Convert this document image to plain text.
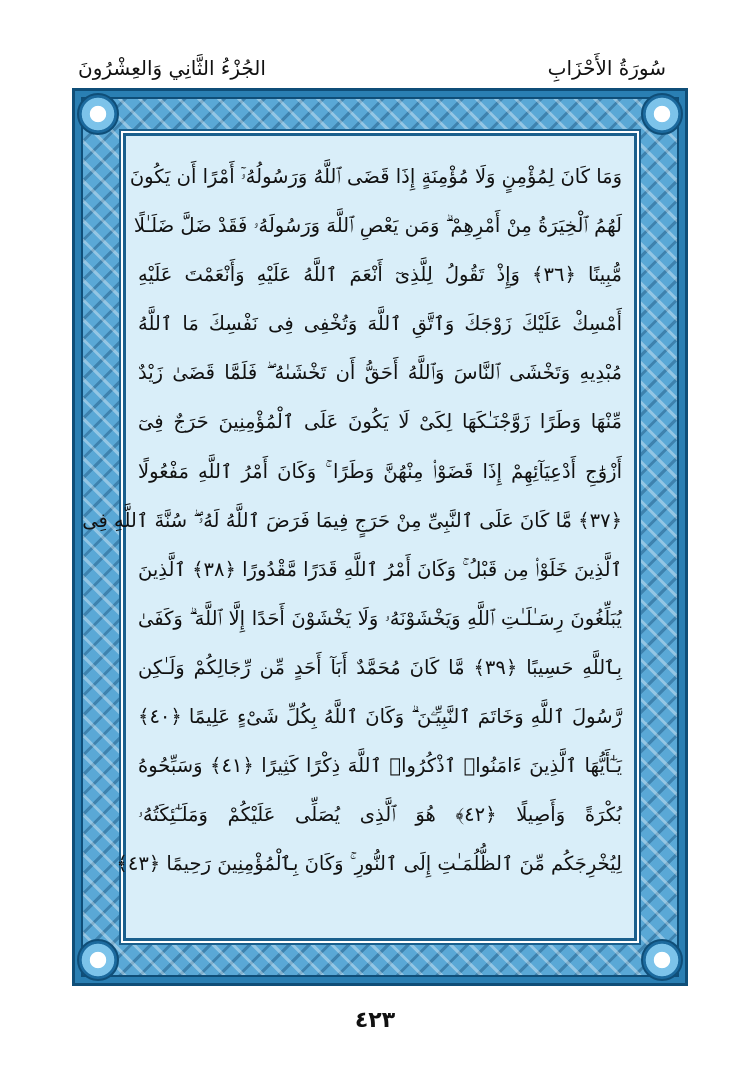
الجُزْءُ الثَّانِي وَالعِشْرُونَ	سُورَةُ الأَحْزَابِ
وَمَا كَانَ لِمُؤْمِنٍ وَلَا مُؤْمِنَةٍ إِذَا قَضَى ٱللَّهُ وَرَسُولُهُۥٓ أَمْرًا أَن يَكُونَ
لَهُمُ ٱلْخِيَرَةُ مِنْ أَمْرِهِمْ ۗ وَمَن يَعْصِ ٱللَّهَ وَرَسُولَهُۥ فَقَدْ ضَلَّ ضَلَـٰلًا
مُّبِينًا ﴿٣٦﴾ وَإِذْ تَقُولُ لِلَّذِىٓ أَنْعَمَ ٱللَّهُ عَلَيْهِ وَأَنْعَمْتَ عَلَيْهِ
أَمْسِكْ عَلَيْكَ زَوْجَكَ وَٱتَّقِ ٱللَّهَ وَتُخْفِى فِى نَفْسِكَ مَا ٱللَّهُ
مُبْدِيهِ وَتَخْشَى ٱلنَّاسَ وَٱللَّهُ أَحَقُّ أَن تَخْشَىٰهُ ۖ فَلَمَّا قَضَىٰ زَيْدٌ
مِّنْهَا وَطَرًا زَوَّجْنَـٰكَهَا لِكَىْ لَا يَكُونَ عَلَى ٱلْمُؤْمِنِينَ حَرَجٌ فِىٓ
أَزْوَٰجِ أَدْعِيَآئِهِمْ إِذَا قَضَوْا۟ مِنْهُنَّ وَطَرًا ۚ وَكَانَ أَمْرُ ٱللَّهِ مَفْعُولًا
﴿٣٧﴾ مَّا كَانَ عَلَى ٱلنَّبِىِّ مِنْ حَرَجٍ فِيمَا فَرَضَ ٱللَّهُ لَهُۥ ۖ سُنَّةَ ٱللَّهِ فِى
ٱلَّذِينَ خَلَوْا۟ مِن قَبْلُ ۚ وَكَانَ أَمْرُ ٱللَّهِ قَدَرًا مَّقْدُورًا ﴿٣٨﴾ ٱلَّذِينَ
يُبَلِّغُونَ رِسَـٰلَـٰتِ ٱللَّهِ وَيَخْشَوْنَهُۥ وَلَا يَخْشَوْنَ أَحَدًا إِلَّا ٱللَّهَ ۗ وَكَفَىٰ
بِٱللَّهِ حَسِيبًا ﴿٣٩﴾ مَّا كَانَ مُحَمَّدٌ أَبَآ أَحَدٍ مِّن رِّجَالِكُمْ وَلَـٰكِن
رَّسُولَ ٱللَّهِ وَخَاتَمَ ٱلنَّبِيِّـۧنَ ۗ وَكَانَ ٱللَّهُ بِكُلِّ شَىْءٍ عَلِيمًا ﴿٤٠﴾
يَـٰٓأَيُّهَا ٱلَّذِينَ ءَامَنُوا۟ ٱذْكُرُوا۟ ٱللَّهَ ذِكْرًا كَثِيرًا ﴿٤١﴾ وَسَبِّحُوهُ
بُكْرَةً وَأَصِيلًا ﴿٤٢﴾ هُوَ ٱلَّذِى يُصَلِّى عَلَيْكُمْ وَمَلَـٰٓئِكَتُهُۥ
لِيُخْرِجَكُم مِّنَ ٱلظُّلُمَـٰتِ إِلَى ٱلنُّورِ ۚ وَكَانَ بِٱلْمُؤْمِنِينَ رَحِيمًا ﴿٤٣﴾
٤٢٣
